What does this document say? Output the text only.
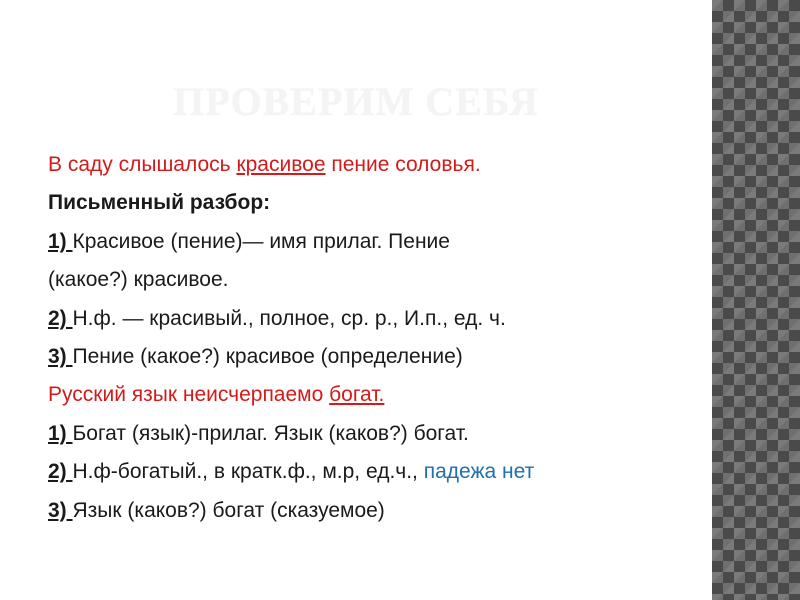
ПРОВЕРИМ СЕБЯ
В саду слышалось красивое пение соловья.
Письменный разбор:
1) Красивое (пение)— имя прилаг. Пение
(какое?) красивое.
2) Н.ф. — красивый., полное, ср. р., И.п., ед. ч.
3) Пение (какое?) красивое (определение)
Русский язык неисчерпаемо богат.
1) Богат (язык)-прилаг. Язык (каков?) богат.
2) Н.ф-богатый., в кратк.ф., м.р, ед.ч., падежа нет
3) Язык (каков?) богат (сказуемое)
